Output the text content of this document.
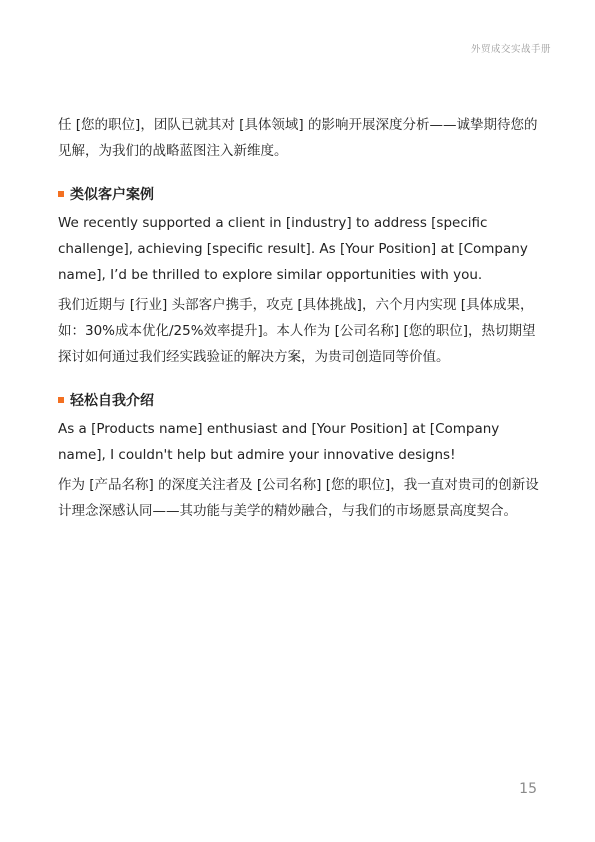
外贸成交实战手册

任 [您的职位]，团队已就其对 [具体领域] 的影响开展深度分析——诚挚期待您的见解，为我们的战略蓝图注入新维度。

类似客户案例

We recently supported a client in [industry] to address [specific challenge], achieving [specific result]. As [Your Position] at [Company name], I’d be thrilled to explore similar opportunities with you.

我们近期与 [行业] 头部客户携手，攻克 [具体挑战]，六个月内实现 [具体成果，如：30%成本优化/25%效率提升]。本人作为 [公司名称] [您的职位]，热切期望探讨如何通过我们经实践验证的解决方案，为贵司创造同等价值。

轻松自我介绍

As a [Products name] enthusiast and [Your Position] at [Company name], I couldn't help but admire your innovative designs!

作为 [产品名称] 的深度关注者及 [公司名称] [您的职位]，我一直对贵司的创新设计理念深感认同——其功能与美学的精妙融合，与我们的市场愿景高度契合。

15
